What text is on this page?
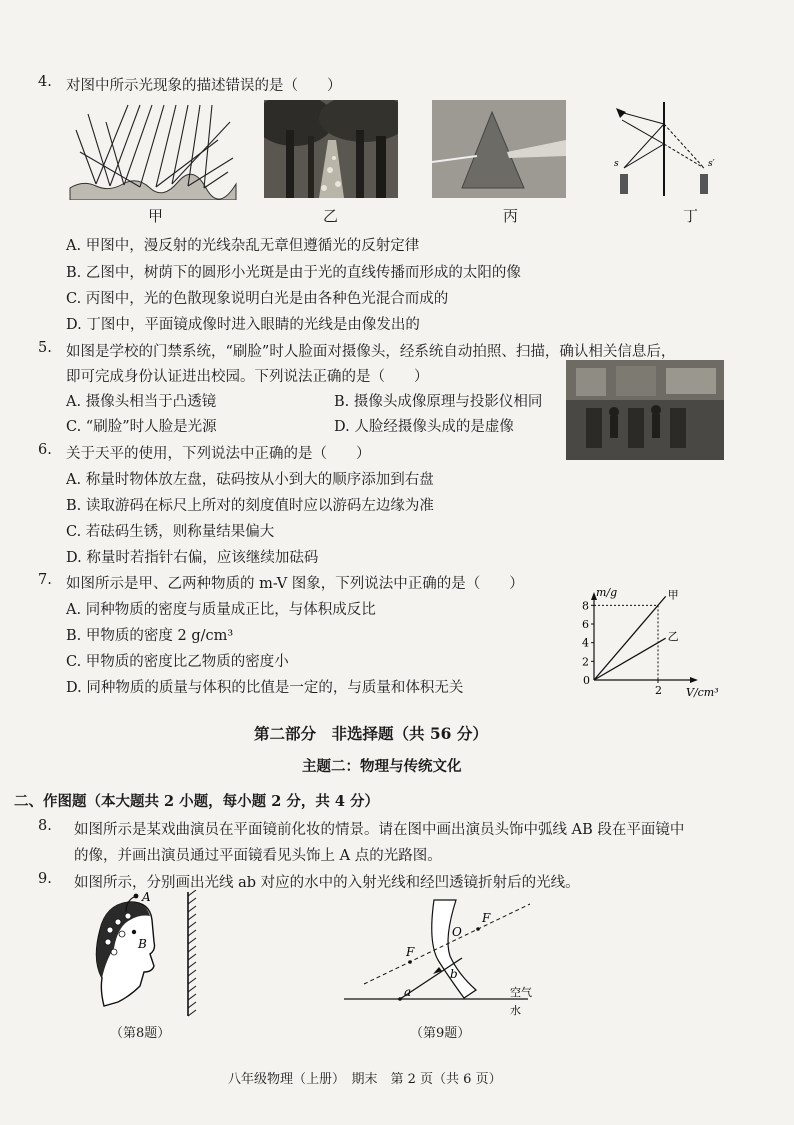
4. 对图中所示光现象的描述错误的是（　　）
甲	乙	丙
s	s′
丁
A. 甲图中，漫反射的光线杂乱无章但遵循光的反射定律
B. 乙图中，树荫下的圆形小光斑是由于光的直线传播而形成的太阳的像
C. 丙图中，光的色散现象说明白光是由各种色光混合而成的
D. 丁图中，平面镜成像时进入眼睛的光线是由像发出的
5. 如图是学校的门禁系统，“刷脸”时人脸面对摄像头，经系统自动拍照、扫描，确认相关信息后，
即可完成身份认证进出校园。下列说法正确的是（　　）
A. 摄像头相当于凸透镜	B. 摄像头成像原理与投影仪相同
C. “刷脸”时人脸是光源	D. 人脸经摄像头成的是虚像
6. 关于天平的使用，下列说法中正确的是（　　）
A. 称量时物体放左盘，砝码按从小到大的顺序添加到右盘
B. 读取游码在标尺上所对的刻度值时应以游码左边缘为准
C. 若砝码生锈，则称量结果偏大
D. 称量时若指针右偏，应该继续加砝码
7. 如图所示是甲、乙两种物质的 m-V 图象，下列说法中正确的是（　　）
A. 同种物质的密度与质量成正比，与体积成反比
B. 甲物质的密度 2 g/cm³
C. 甲物质的密度比乙物质的密度小
D. 同种物质的质量与体积的比值是一定的，与质量和体积无关
m/g
V/cm³
0
2
4
6
8
2
甲
乙
第二部分　非选择题（共 56 分）
主题二：物理与传统文化
二、作图题（本大题共 2 小题，每小题 2 分，共 4 分）
8. 如图所示是某戏曲演员在平面镜前化妆的情景。请在图中画出演员头饰中弧线 AB 段在平面镜中
的像，并画出演员通过平面镜看见头饰上 A 点的光路图。
9. 如图所示，分别画出光线 ab 对应的水中的入射光线和经凹透镜折射后的光线。
A
B
（第8题）
空气
水
a
b
O
F
F
（第9题）
八年级物理（上册）　期末　第 2 页（共 6 页）
